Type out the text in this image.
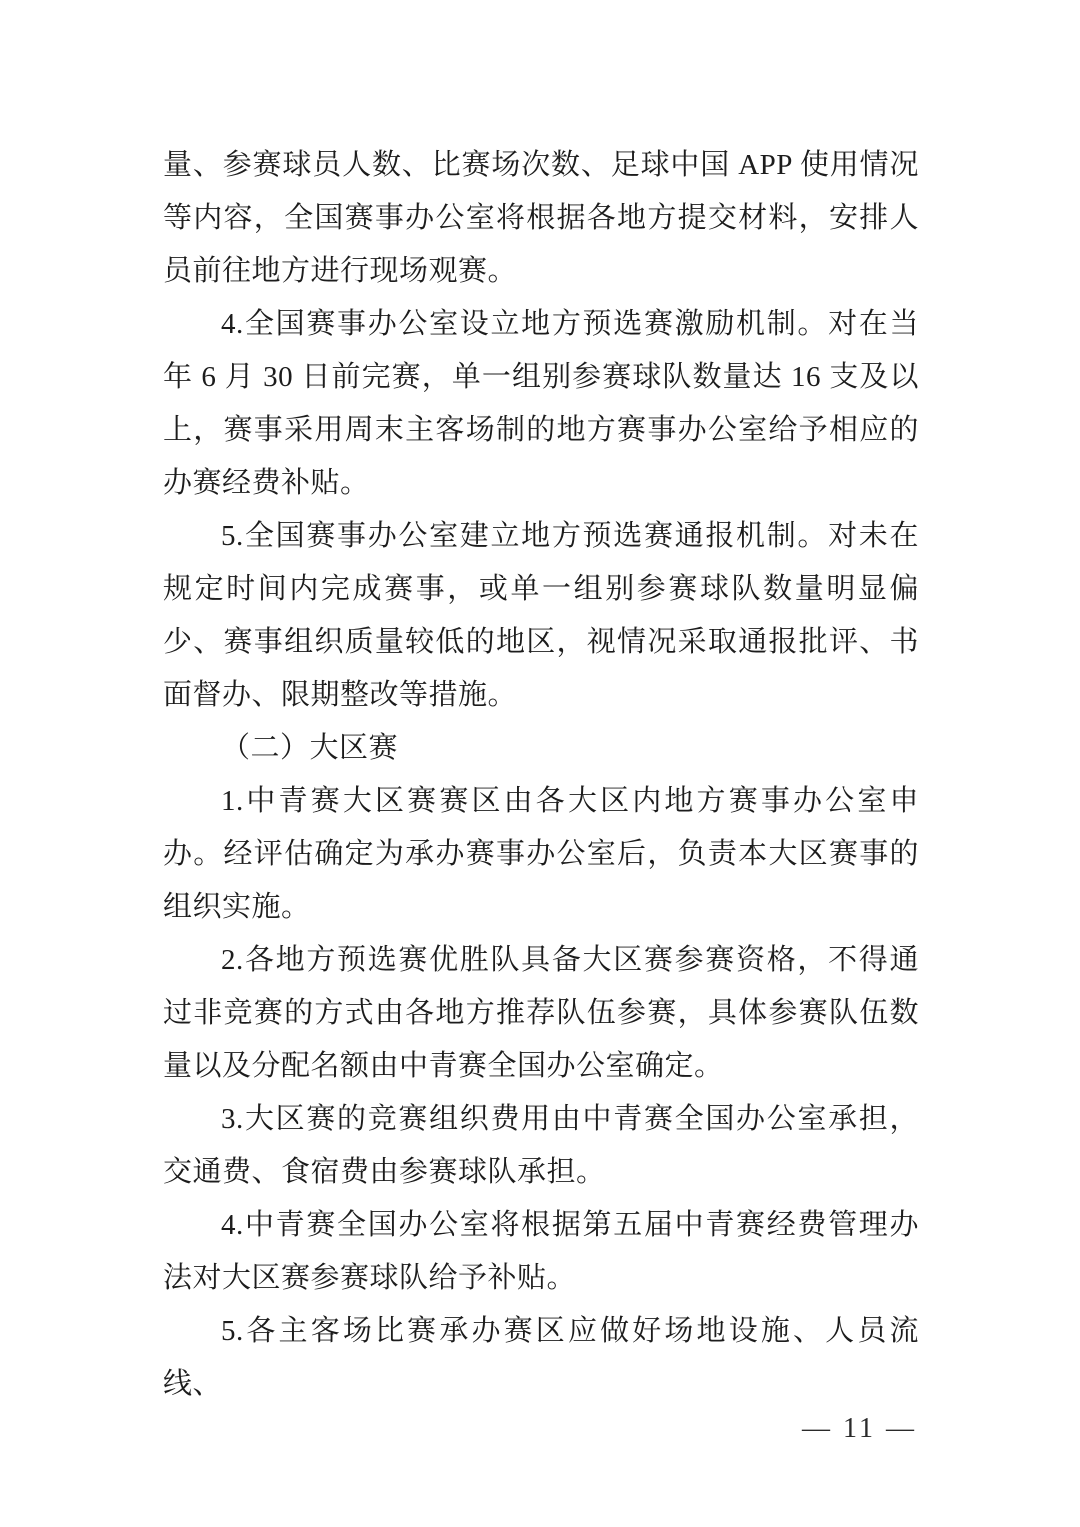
量、参赛球员人数、比赛场次数、足球中国 APP 使用情况等内容，全国赛事办公室将根据各地方提交材料，安排人员前往地方进行现场观赛。

4.全国赛事办公室设立地方预选赛激励机制。对在当年 6 月 30 日前完赛，单一组别参赛球队数量达 16 支及以上，赛事采用周末主客场制的地方赛事办公室给予相应的办赛经费补贴。

5.全国赛事办公室建立地方预选赛通报机制。对未在规定时间内完成赛事，或单一组别参赛球队数量明显偏少、赛事组织质量较低的地区，视情况采取通报批评、书面督办、限期整改等措施。

（二）大区赛

1.中青赛大区赛赛区由各大区内地方赛事办公室申办。经评估确定为承办赛事办公室后，负责本大区赛事的组织实施。

2.各地方预选赛优胜队具备大区赛参赛资格，不得通过非竞赛的方式由各地方推荐队伍参赛，具体参赛队伍数量以及分配名额由中青赛全国办公室确定。

3.大区赛的竞赛组织费用由中青赛全国办公室承担，交通费、食宿费由参赛球队承担。

4.中青赛全国办公室将根据第五届中青赛经费管理办法对大区赛参赛球队给予补贴。

5.各主客场比赛承办赛区应做好场地设施、人员流线、

— 11 —
